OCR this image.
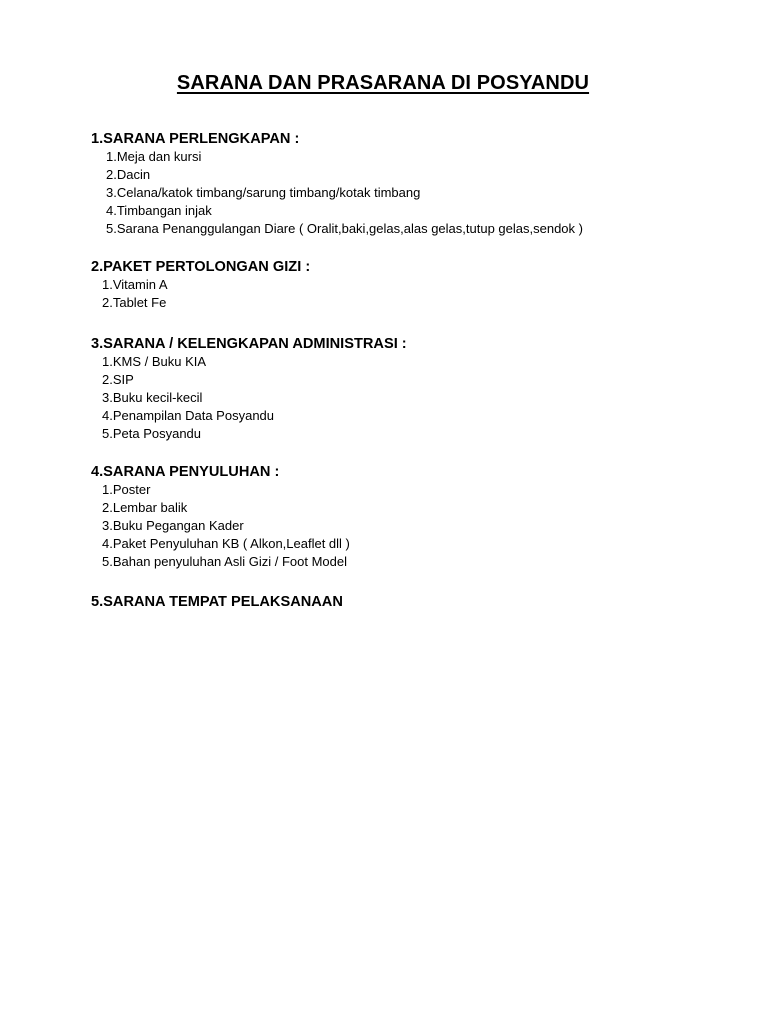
SARANA DAN PRASARANA DI POSYANDU
1.SARANA PERLENGKAPAN :
1.Meja dan kursi
2.Dacin
3.Celana/katok timbang/sarung timbang/kotak timbang
4.Timbangan injak
5.Sarana Penanggulangan Diare ( Oralit,baki,gelas,alas gelas,tutup gelas,sendok )
2.PAKET PERTOLONGAN GIZI :
1.Vitamin A
2.Tablet Fe
3.SARANA / KELENGKAPAN ADMINISTRASI :
1.KMS / Buku KIA
2.SIP
3.Buku kecil-kecil
4.Penampilan Data Posyandu
5.Peta Posyandu
4.SARANA PENYULUHAN :
1.Poster
2.Lembar balik
3.Buku Pegangan Kader
4.Paket Penyuluhan KB ( Alkon,Leaflet dll )
5.Bahan penyuluhan Asli Gizi / Foot Model
5.SARANA TEMPAT PELAKSANAAN
